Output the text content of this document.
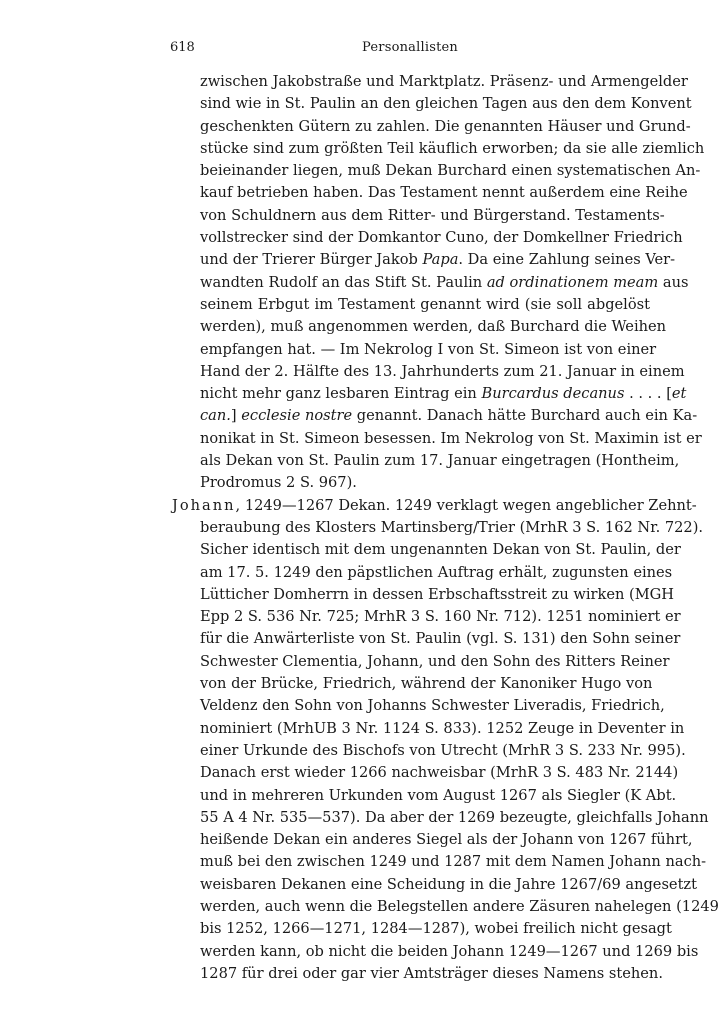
618	Personallisten
zwischen Jakobstraße und Marktplatz. Präsenz- und Armengelder
sind wie in St. Paulin an den gleichen Tagen aus den dem Konvent
geschenkten Gütern zu zahlen. Die genannten Häuser und Grund-
stücke sind zum größten Teil käuflich erworben; da sie alle ziemlich
beieinander liegen, muß Dekan Burchard einen systematischen An-
kauf betrieben haben. Das Testament nennt außerdem eine Reihe
von Schuldnern aus dem Ritter- und Bürgerstand. Testaments-
vollstrecker sind der Domkantor Cuno, der Domkellner Friedrich
und der Trierer Bürger Jakob Papa. Da eine Zahlung seines Ver-
wandten Rudolf an das Stift St. Paulin ad ordinationem meam aus
seinem Erbgut im Testament genannt wird (sie soll abgelöst
werden), muß angenommen werden, daß Burchard die Weihen
empfangen hat. — Im Nekrolog I von St. Simeon ist von einer
Hand der 2. Hälfte des 13. Jahrhunderts zum 21. Januar in einem
nicht mehr ganz lesbaren Eintrag ein Burcardus decanus . . . . [et
can.] ecclesie nostre genannt. Danach hätte Burchard auch ein Ka-
nonikat in St. Simeon besessen. Im Nekrolog von St. Maximin ist er
als Dekan von St. Paulin zum 17. Januar eingetragen (Hontheim,
Prodromus 2 S. 967).
Johann, 1249—1267 Dekan. 1249 verklagt wegen angeblicher Zehnt-
beraubung des Klosters Martinsberg/Trier (MrhR 3 S. 162 Nr. 722).
Sicher identisch mit dem ungenannten Dekan von St. Paulin, der
am 17. 5. 1249 den päpstlichen Auftrag erhält, zugunsten eines
Lütticher Domherrn in dessen Erbschaftsstreit zu wirken (MGH
Epp 2 S. 536 Nr. 725; MrhR 3 S. 160 Nr. 712). 1251 nominiert er
für die Anwärterliste von St. Paulin (vgl. S. 131) den Sohn seiner
Schwester Clementia, Johann, und den Sohn des Ritters Reiner
von der Brücke, Friedrich, während der Kanoniker Hugo von
Veldenz den Sohn von Johanns Schwester Liveradis, Friedrich,
nominiert (MrhUB 3 Nr. 1124 S. 833). 1252 Zeuge in Deventer in
einer Urkunde des Bischofs von Utrecht (MrhR 3 S. 233 Nr. 995).
Danach erst wieder 1266 nachweisbar (MrhR 3 S. 483 Nr. 2144)
und in mehreren Urkunden vom August 1267 als Siegler (K Abt.
55 A 4 Nr. 535—537). Da aber der 1269 bezeugte, gleichfalls Johann
heißende Dekan ein anderes Siegel als der Johann von 1267 führt,
muß bei den zwischen 1249 und 1287 mit dem Namen Johann nach-
weisbaren Dekanen eine Scheidung in die Jahre 1267/69 angesetzt
werden, auch wenn die Belegstellen andere Zäsuren nahelegen (1249
bis 1252, 1266—1271, 1284—1287), wobei freilich nicht gesagt
werden kann, ob nicht die beiden Johann 1249—1267 und 1269 bis
1287 für drei oder gar vier Amtsträger dieses Namens stehen.
